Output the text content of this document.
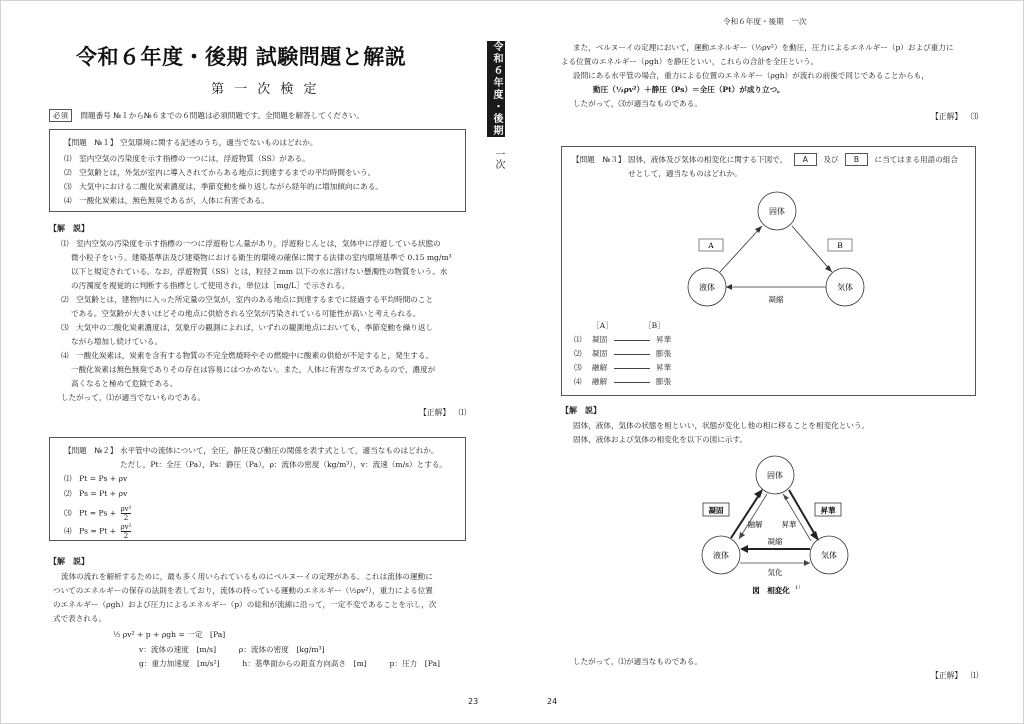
令和６年度・後期 試験問題と解説
第 一 次 検 定
必須 問題番号 №１から№６までの６問題は必須問題です。全問題を解答してください。
【問題　№１】 空気環境に関する記述のうち，適当でないものはどれか。
⑴　室内空気の汚染度を示す指標の一つには，浮遊物質（SS）がある。
⑵　空気齢とは，外気が室内に導入されてからある地点に到達するまでの平均時間をいう。
⑶　大気中における二酸化炭素濃度は，季節変動を繰り返しながら経年的に増加傾向にある。
⑷　一酸化炭素は，無色無臭であるが，人体に有害である。
【解　説】
⑴　室内空気の汚染度を示す指標の一つに浮遊粉じん量があり，浮遊粉じんとは，気体中に浮遊している状態の
微小粒子をいう。建築基準法及び建築物における衛生的環境の確保に関する法律の室内環境基準で 0.15 mg/m³
以下と規定されている。なお，浮遊物質（SS）とは，粒径２mm 以下の水に溶けない懸濁性の物質をいう。水
の汚濁度を視覚的に判断する指標として使用され，単位は［mg/L］で示される。
⑵　空気齢とは，建物内に入った所定量の空気が，室内のある地点に到達するまでに経過する平均時間のこと
である。空気齢が大きいほどその地点に供給される空気が汚染されている可能性が高いと考えられる。
⑶　大気中の二酸化炭素濃度は，気象庁の観測によれば，いずれの観測地点においても，季節変動を繰り返し
ながら増加し続けている。
⑷　一酸化炭素は，炭素を含有する物質の不完全燃焼時やその燃焼中に酸素の供給が不足すると，発生する。
一酸化炭素は無色無臭でありその存在は容易にはつかめない。また，人体に有害なガスであるので，濃度が
高くなると極めて危険である。
したがって，⑴が適当でないものである。
【正解】 ⑴
【問題　№２】 水平管中の流体について，全圧，静圧及び動圧の関係を表す式として，適当なものはどれか。
ただし，Pt：全圧（Pa），Ps：静圧（Pa），ρ：流体の密度（kg/m³），v：流速（m/s）とする。
⑴　Pt = Ps + ρv
⑵　Ps = Pt + ρv
⑶　$Pt = Ps + \frac{\text{ρv²}}{2}$
⑷　$Ps = Pt + \frac{\text{ρv²}}{2}$
【解　説】
流体の流れを解析するために，最も多く用いられているものにベルヌーイの定理がある。これは流体の運動に
ついてのエネルギーの保存の法則を表しており，流体の持っている運動のエネルギー（½ρv²），重力による位置
のエネルギー（ρgh）および圧力によるエネルギー（p）の総和が流線に沿って，一定不変であることを示し，次
式で表される。
½ ρv² + p + ρgh = 一定　[Pa]
v：流体の速度　[m/s]　　　ρ：流体の密度　[kg/m³]
g：重力加速度　[m/s²]　　　h：基準面からの鉛直方向高さ　[m]　　　p：圧力　[Pa]
23
令和６年度・後期
一次
令和６年度・後期　一次
また，ベルヌーイの定理において，運動エネルギー（½ρv²）を動圧，圧力によるエネルギー（p）および重力に
よる位置のエネルギー（ρgh）を静圧といい，これらの合計を全圧という。
設問にある水平管の場合，重力による位置のエネルギー（ρgh）が流れの前後で同じであることからも，
動圧（½ρv²）＋静圧（Ps）＝全圧（Pt）が成り立つ。
したがって，⑶が適当なものである。
【正解】 ⑶
【問題　№３】 固体，液体及び気体の相変化に関する下図で， A 及び B に当てはまる用語の組合
せとして，適当なものはどれか。
固体
液体	気体
A	B
凝縮
［A］	［B］
⑴ 凝固	昇華
⑵ 凝固	膨張
⑶ 融解	昇華
⑷ 融解	膨張
【解　説】
固体，液体，気体の状態を相といい，状態が変化し他の相に移ることを相変化という。
固体，液体および気体の相変化を以下の図に示す。
固体
液体	気体
凝固	昇華
融解	昇華
凝縮
気化
図　相変化 1）
したがって，⑴が適当なものである。
【正解】 ⑴
24
